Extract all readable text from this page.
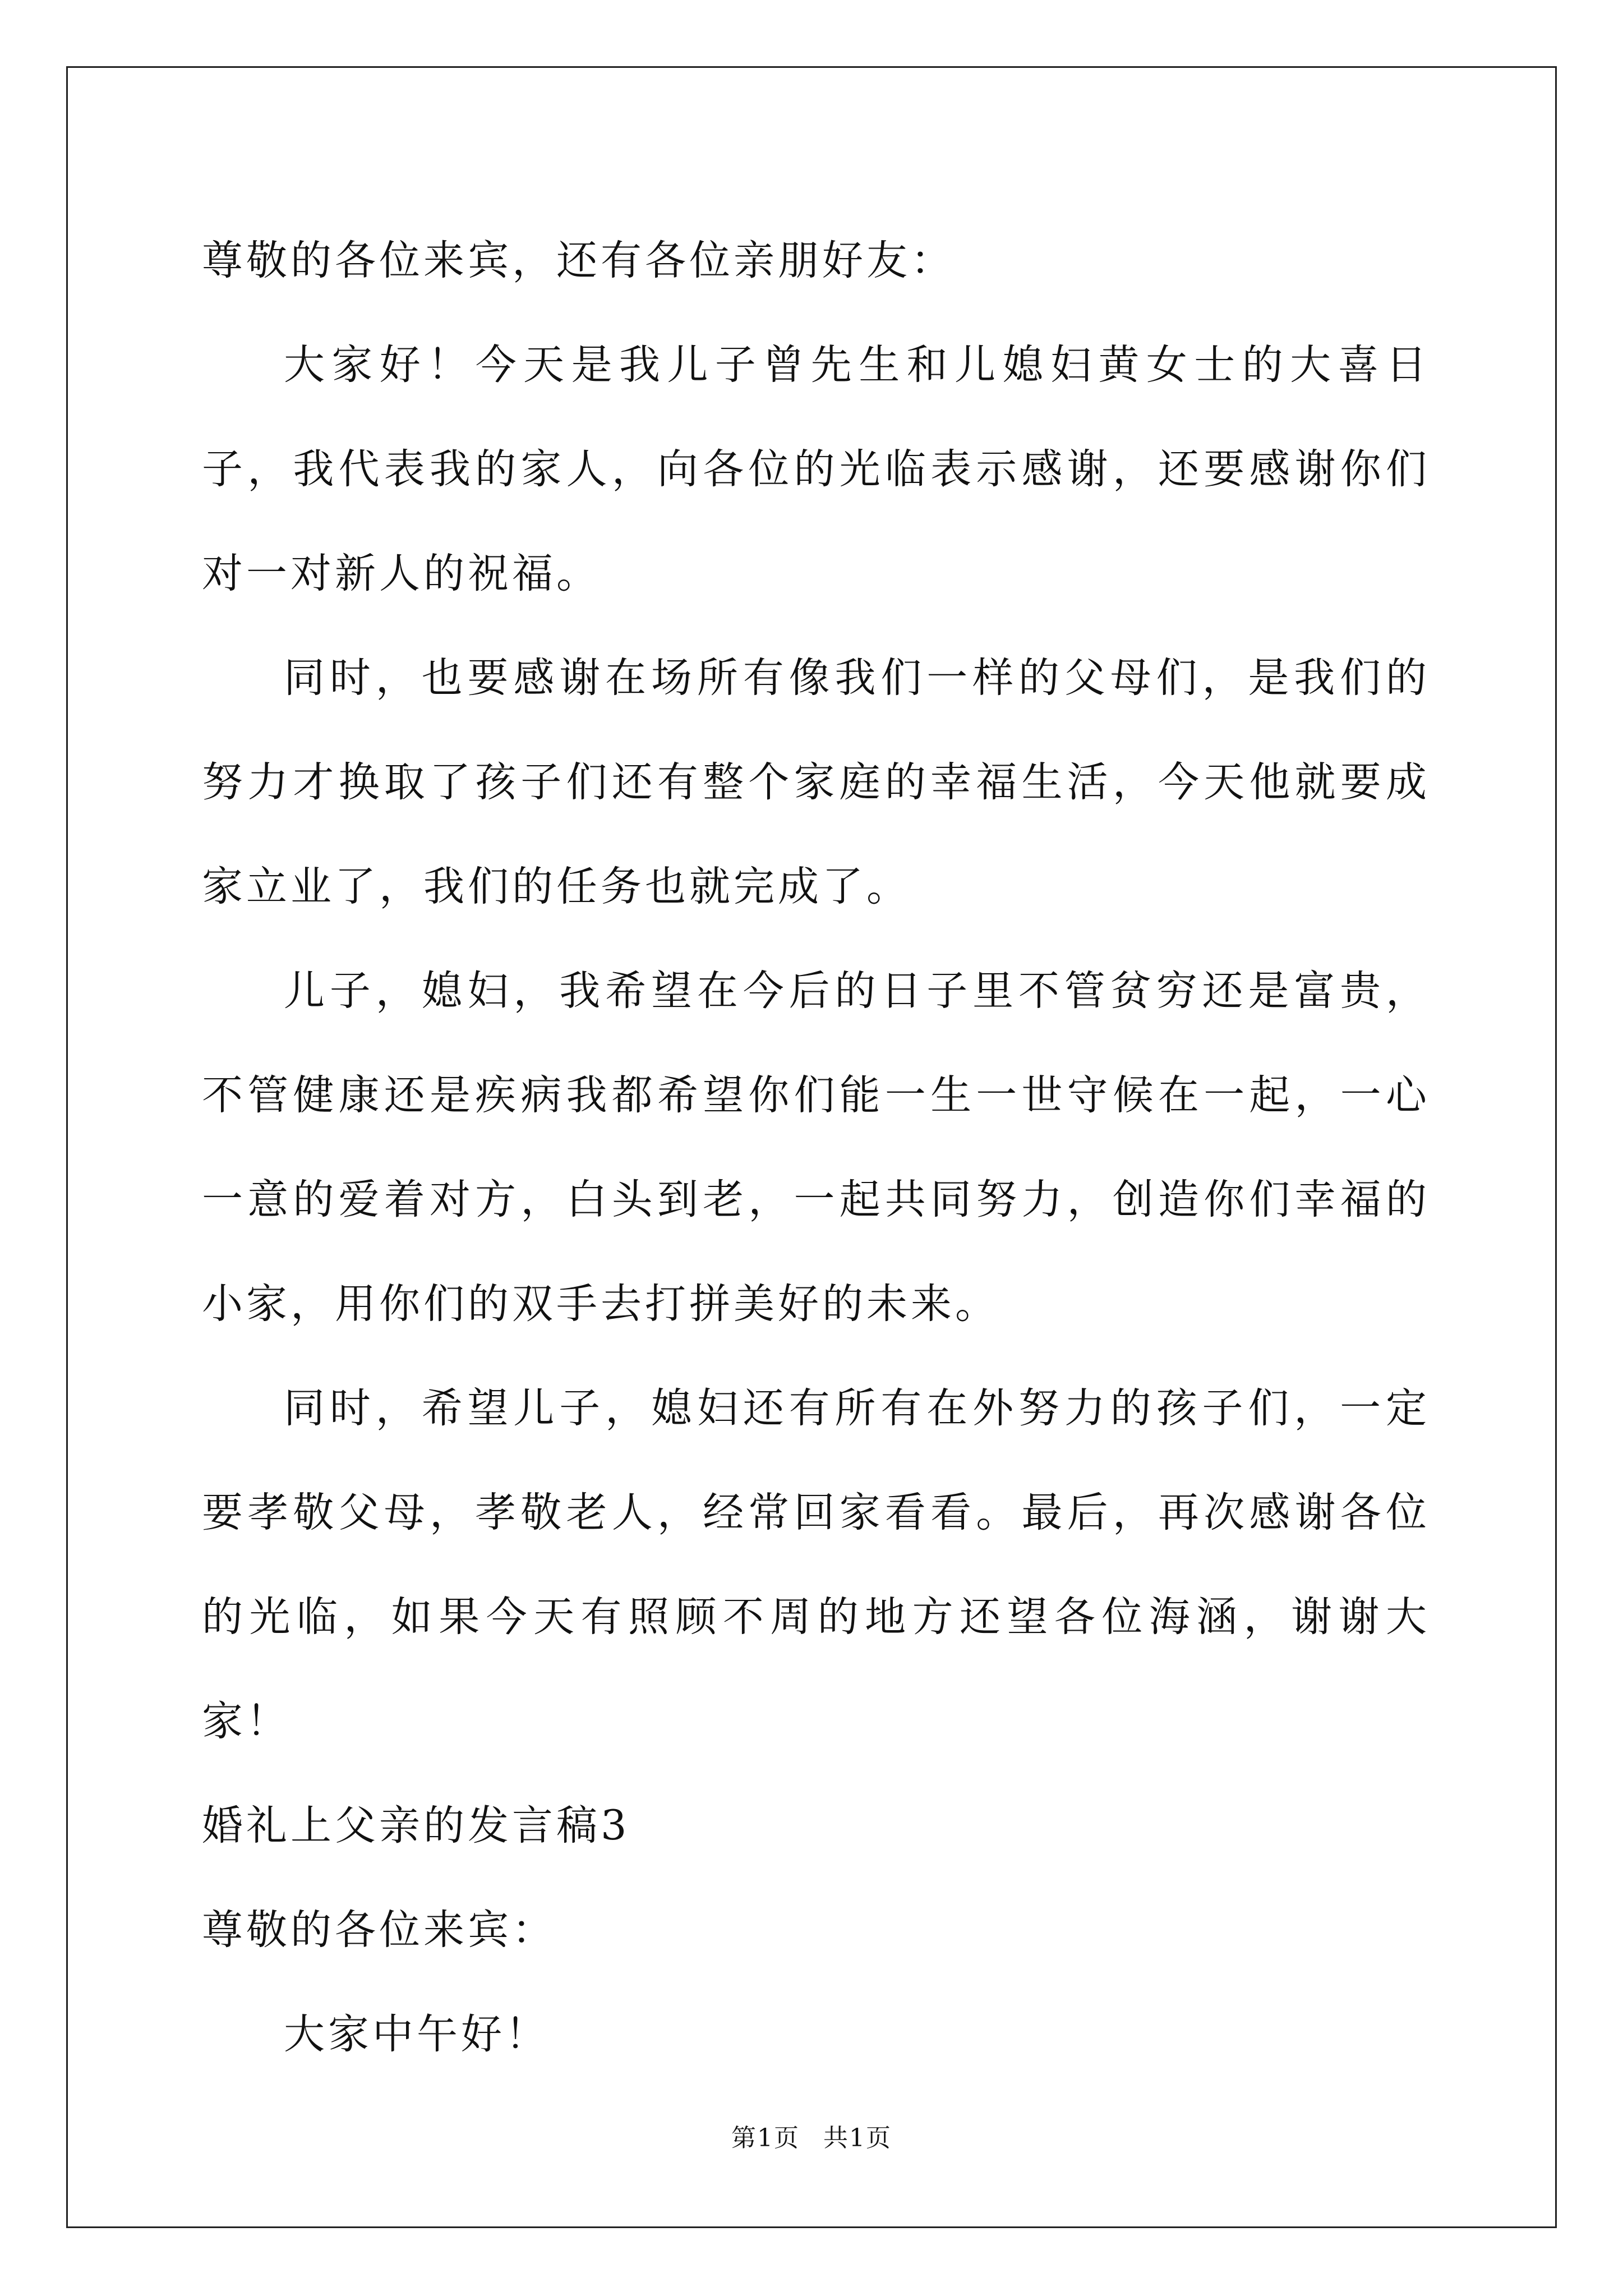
尊敬的各位来宾，还有各位亲朋好友：

大家好！今天是我儿子曾先生和儿媳妇黄女士的大喜日子，我代表我的家人，向各位的光临表示感谢，还要感谢你们对一对新人的祝福。

同时，也要感谢在场所有像我们一样的父母们，是我们的努力才换取了孩子们还有整个家庭的幸福生活，今天他就要成家立业了，我们的任务也就完成了。

儿子，媳妇，我希望在今后的日子里不管贫穷还是富贵，不管健康还是疾病我都希望你们能一生一世守候在一起，一心一意的爱着对方，白头到老，一起共同努力，创造你们幸福的小家，用你们的双手去打拼美好的未来。

同时，希望儿子，媳妇还有所有在外努力的孩子们，一定要孝敬父母，孝敬老人，经常回家看看。最后，再次感谢各位的光临，如果今天有照顾不周的地方还望各位海涵，谢谢大家！

婚礼上父亲的发言稿3

尊敬的各位来宾：

大家中午好！

第1页 共1页
